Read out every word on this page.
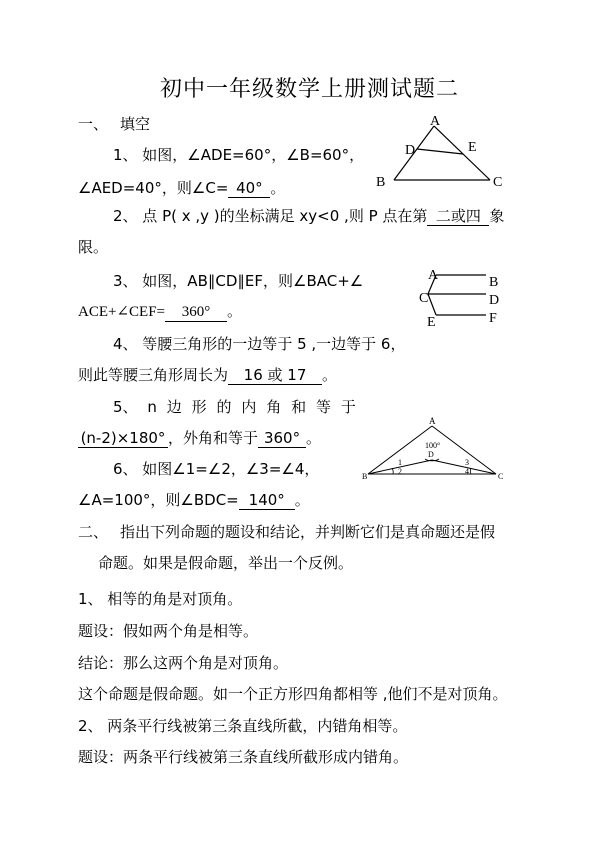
初中一年级数学上册测试题二
一、 填空
1、 如图，∠ADE=60°，∠B=60°，
∠AED=40°，则∠C= 40° 。
A
D	E
B	C
2、 点 P( x ,y )的坐标满足 xy<0 ,则 P 点在第 二或四 象
限。
3、 如图，AB∥CD∥EF，则∠BAC+∠
ACE+∠CEF= 360° 。
A	B
C	D
E	F
4、 等腰三角形的一边等于 5 ,一边等于 6，
则此等腰三角形周长为 16 或 17 。
5、 n 边 形 的 内 角 和 等 于
(n-2)×180° ，外角和等于 360° 。
A
100°
D
B	C
1
2
3
4
6、 如图∠1=∠2，∠3=∠4，
∠A=100°，则∠BDC= 140° 。
二、 指出下列命题的题设和结论，并判断它们是真命题还是假
命题。如果是假命题，举出一个反例。
1、 相等的角是对顶角。
题设：假如两个角是相等。
结论：那么这两个角是对顶角。
这个命题是假命题。如一个正方形四角都相等 ,他们不是对顶角。
2、 两条平行线被第三条直线所截，内错角相等。
题设：两条平行线被第三条直线所截形成内错角。
